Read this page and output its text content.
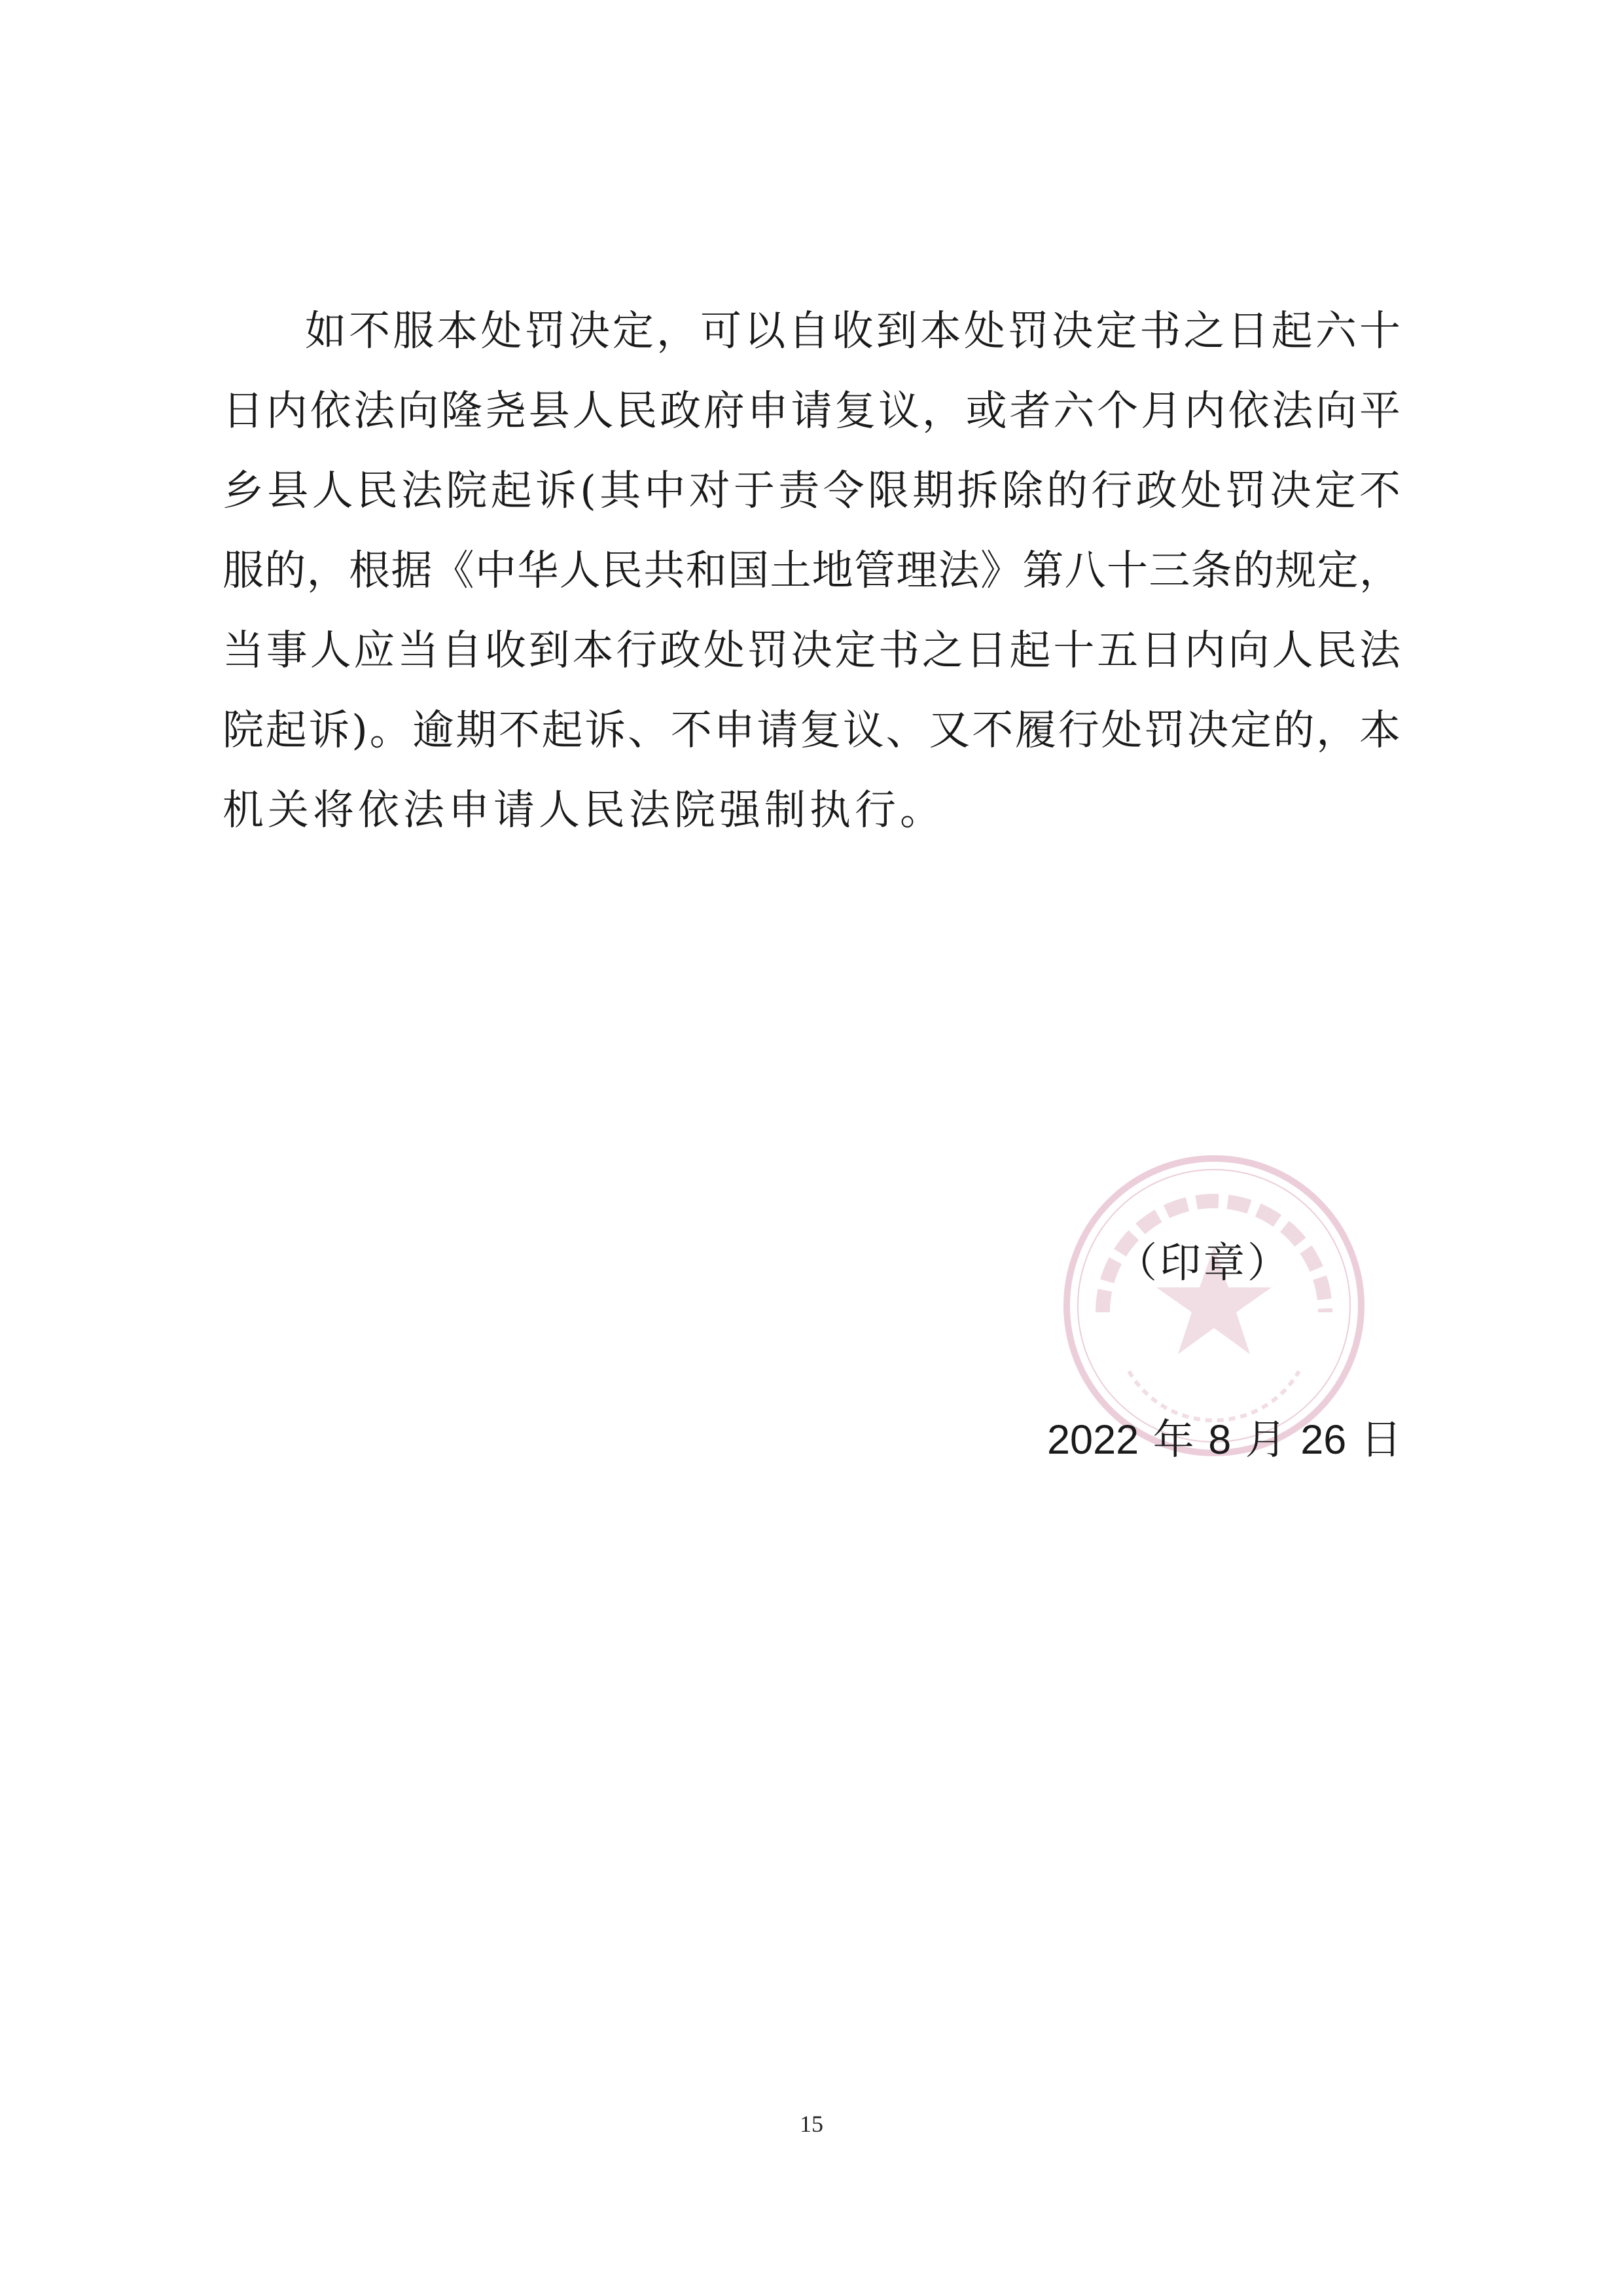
如不服本处罚决定，可以自收到本处罚决定书之日起六十
日内依法向隆尧县人民政府申请复议，或者六个月内依法向平
乡县人民法院起诉(其中对于责令限期拆除的行政处罚决定不
服的，根据《中华人民共和国土地管理法》第八十三条的规定，
当事人应当自收到本行政处罚决定书之日起十五日内向人民法
院起诉)。逾期不起诉、不申请复议、又不履行处罚决定的，本
机关将依法申请人民法院强制执行。
（印章）
2022 年 8 月 26 日
15
